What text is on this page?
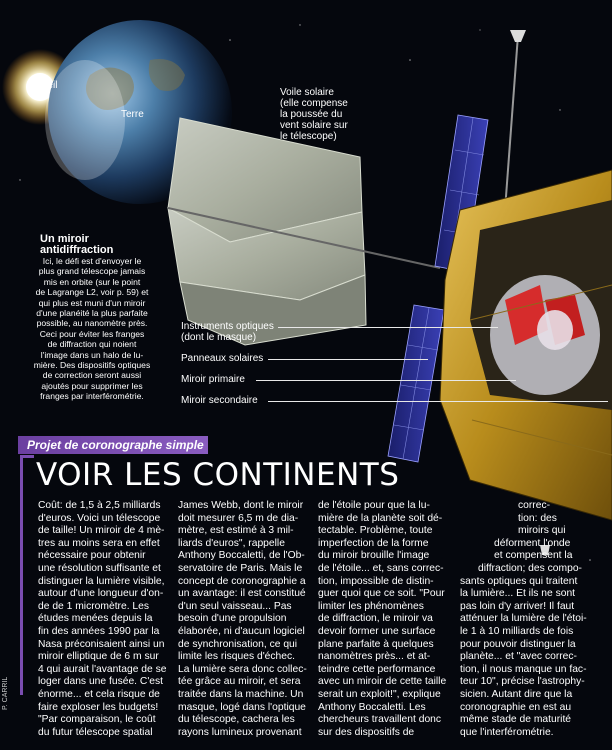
Soleil
Terre
Voile solaire
(elle compense
la poussée du
vent solaire sur
le télescope)
Instruments optiques
(dont le masque)
Panneaux solaires
Miroir primaire
Miroir secondaire
Un miroir
antidiffraction
Ici, le défi est d'envoyer le
plus grand télescope jamais
mis en orbite (sur le point
de Lagrange L2, voir p. 59) et
qui plus est muni d'un miroir
d'une planéité la plus parfaite
possible, au nanomètre près.
Ceci pour éviter les franges
de diffraction qui noient
l'image dans un halo de lu-
mière. Des dispositifs optiques
de correction seront aussi
ajoutés pour supprimer les
franges par interférométrie.
Projet de coronographe simple
VOIR LES CONTINENTS

Coût: de 1,5 à 2,5 milliards

d'euros. Voici un télescope

de taille! Un miroir de 4 mè-

tres au moins sera en effet

nécessaire pour obtenir

une résolution suffisante et

distinguer la lumière visible,

autour d'une longueur d'on-

de de 1 micromètre. Les

études menées depuis la

fin des années 1990 par la

Nasa préconisaient ainsi un

miroir elliptique de 6 m sur

4 qui aurait l'avantage de se

loger dans une fusée. C'est

énorme... et cela risque de

faire exploser les budgets!

"Par comparaison, le coût

du futur télescope spatial

James Webb, dont le miroir

doit mesurer 6,5 m de dia-

mètre, est estimé à 3 mil-

liards d'euros", rappelle

Anthony Boccaletti, de l'Ob-

servatoire de Paris. Mais le

concept de coronographie a

un avantage: il est constitué

d'un seul vaisseau... Pas

besoin d'une propulsion

élaborée, ni d'aucun logiciel

de synchronisation, ce qui

limite les risques d'échec.

La lumière sera donc collec-

tée grâce au miroir, et sera

traitée dans la machine. Un

masque, logé dans l'optique

du télescope, cachera les

rayons lumineux provenant

de l'étoile pour que la lu-

mière de la planète soit dé-

tectable. Problème, toute

imperfection de la forme

du miroir brouille l'image

de l'étoile... et, sans correc-

tion, impossible de distin-

guer quoi que ce soit. "Pour

limiter les phénomènes

de diffraction, le miroir va

devoir former une surface

plane parfaite à quelques

nanomètres près... et at-

teindre cette performance

avec un miroir de cette taille

serait un exploit!", explique

Anthony Boccaletti. Les

chercheurs travaillent donc

sur des dispositifs de

correc-

tion: des

miroirs qui

déforment l'onde

et compensent la

diffraction; des compo-

sants optiques qui traitent

la lumière... Et ils ne sont

pas loin d'y arriver! Il faut

atténuer la lumière de l'étoi-

le 1 à 10 milliards de fois

pour pouvoir distinguer la

planète... et "avec correc-

tion, il nous manque un fac-

teur 10", précise l'astrophy-

sicien. Autant dire que la

coronographie en est au

même stade de maturité

que l'interférométrie.

P. CARRIL
